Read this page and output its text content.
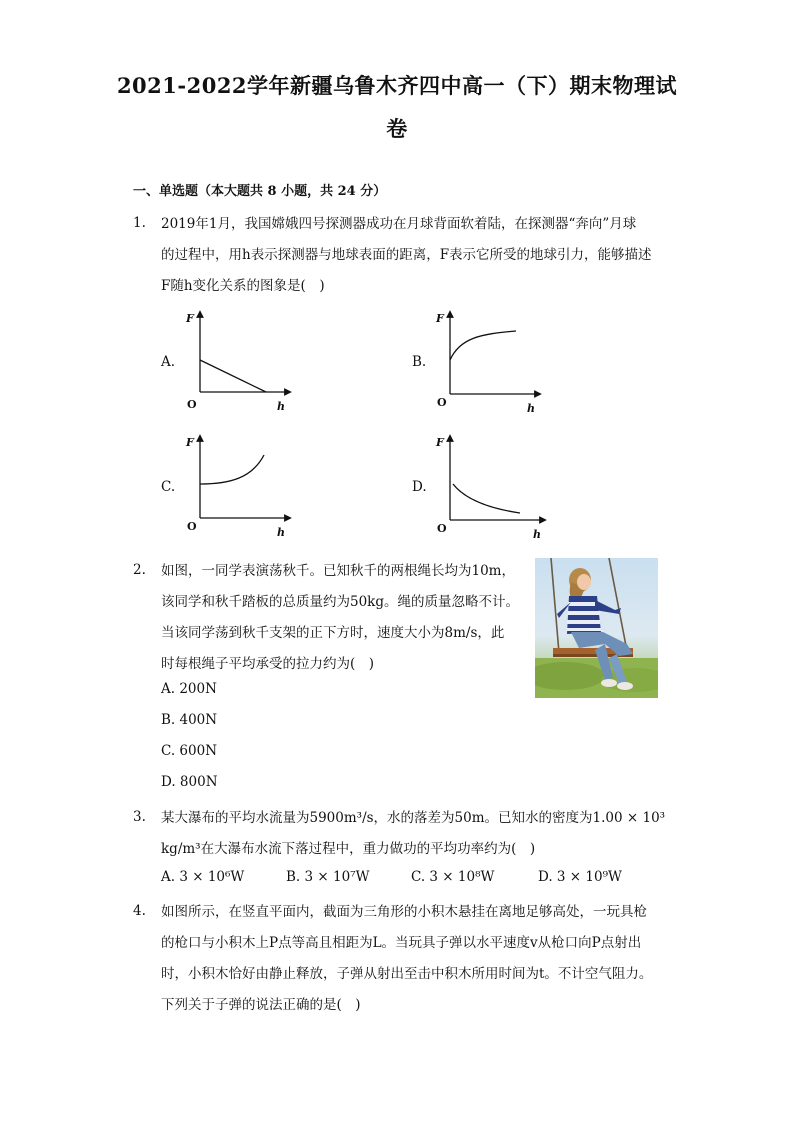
2021-2022学年新疆乌鲁木齐四中高一（下）期末物理试
卷
一、单选题（本大题共 8 小题，共 24 分）
1. 2019年1月，我国嫦娥四号探测器成功在月球背面软着陆，在探测器“奔向”月球
的过程中，用h表示探测器与地球表面的距离，F表示它所受的地球引力，能够描述
F随h变化关系的图象是(　)
A.
F
h
O
B.
F
h
O
C.
F
h
O
D.
F
h
O
2. 如图，一同学表演荡秋千。已知秋千的两根绳长均为10m，
该同学和秋千踏板的总质量约为50kg。绳的质量忽略不计。
当该同学荡到秋千支架的正下方时，速度大小为8m/s，此
时每根绳子平均承受的拉力约为(　)
A. 200N
B. 400N
C. 600N
D. 800N
3. 某大瀑布的平均水流量为5900m³/s，水的落差为50m。已知水的密度为1.00 × 10³
kg/m³在大瀑布水流下落过程中，重力做功的平均功率约为(　)
A. 3 × 10⁶W	B. 3 × 10⁷W	C. 3 × 10⁸W	D. 3 × 10⁹W
4. 如图所示，在竖直平面内，截面为三角形的小积木悬挂在离地足够高处，一玩具枪
的枪口与小积木上P点等高且相距为L。当玩具子弹以水平速度v从枪口向P点射出
时，小积木恰好由静止释放，子弹从射出至击中积木所用时间为t。不计空气阻力。
下列关于子弹的说法正确的是(　)
